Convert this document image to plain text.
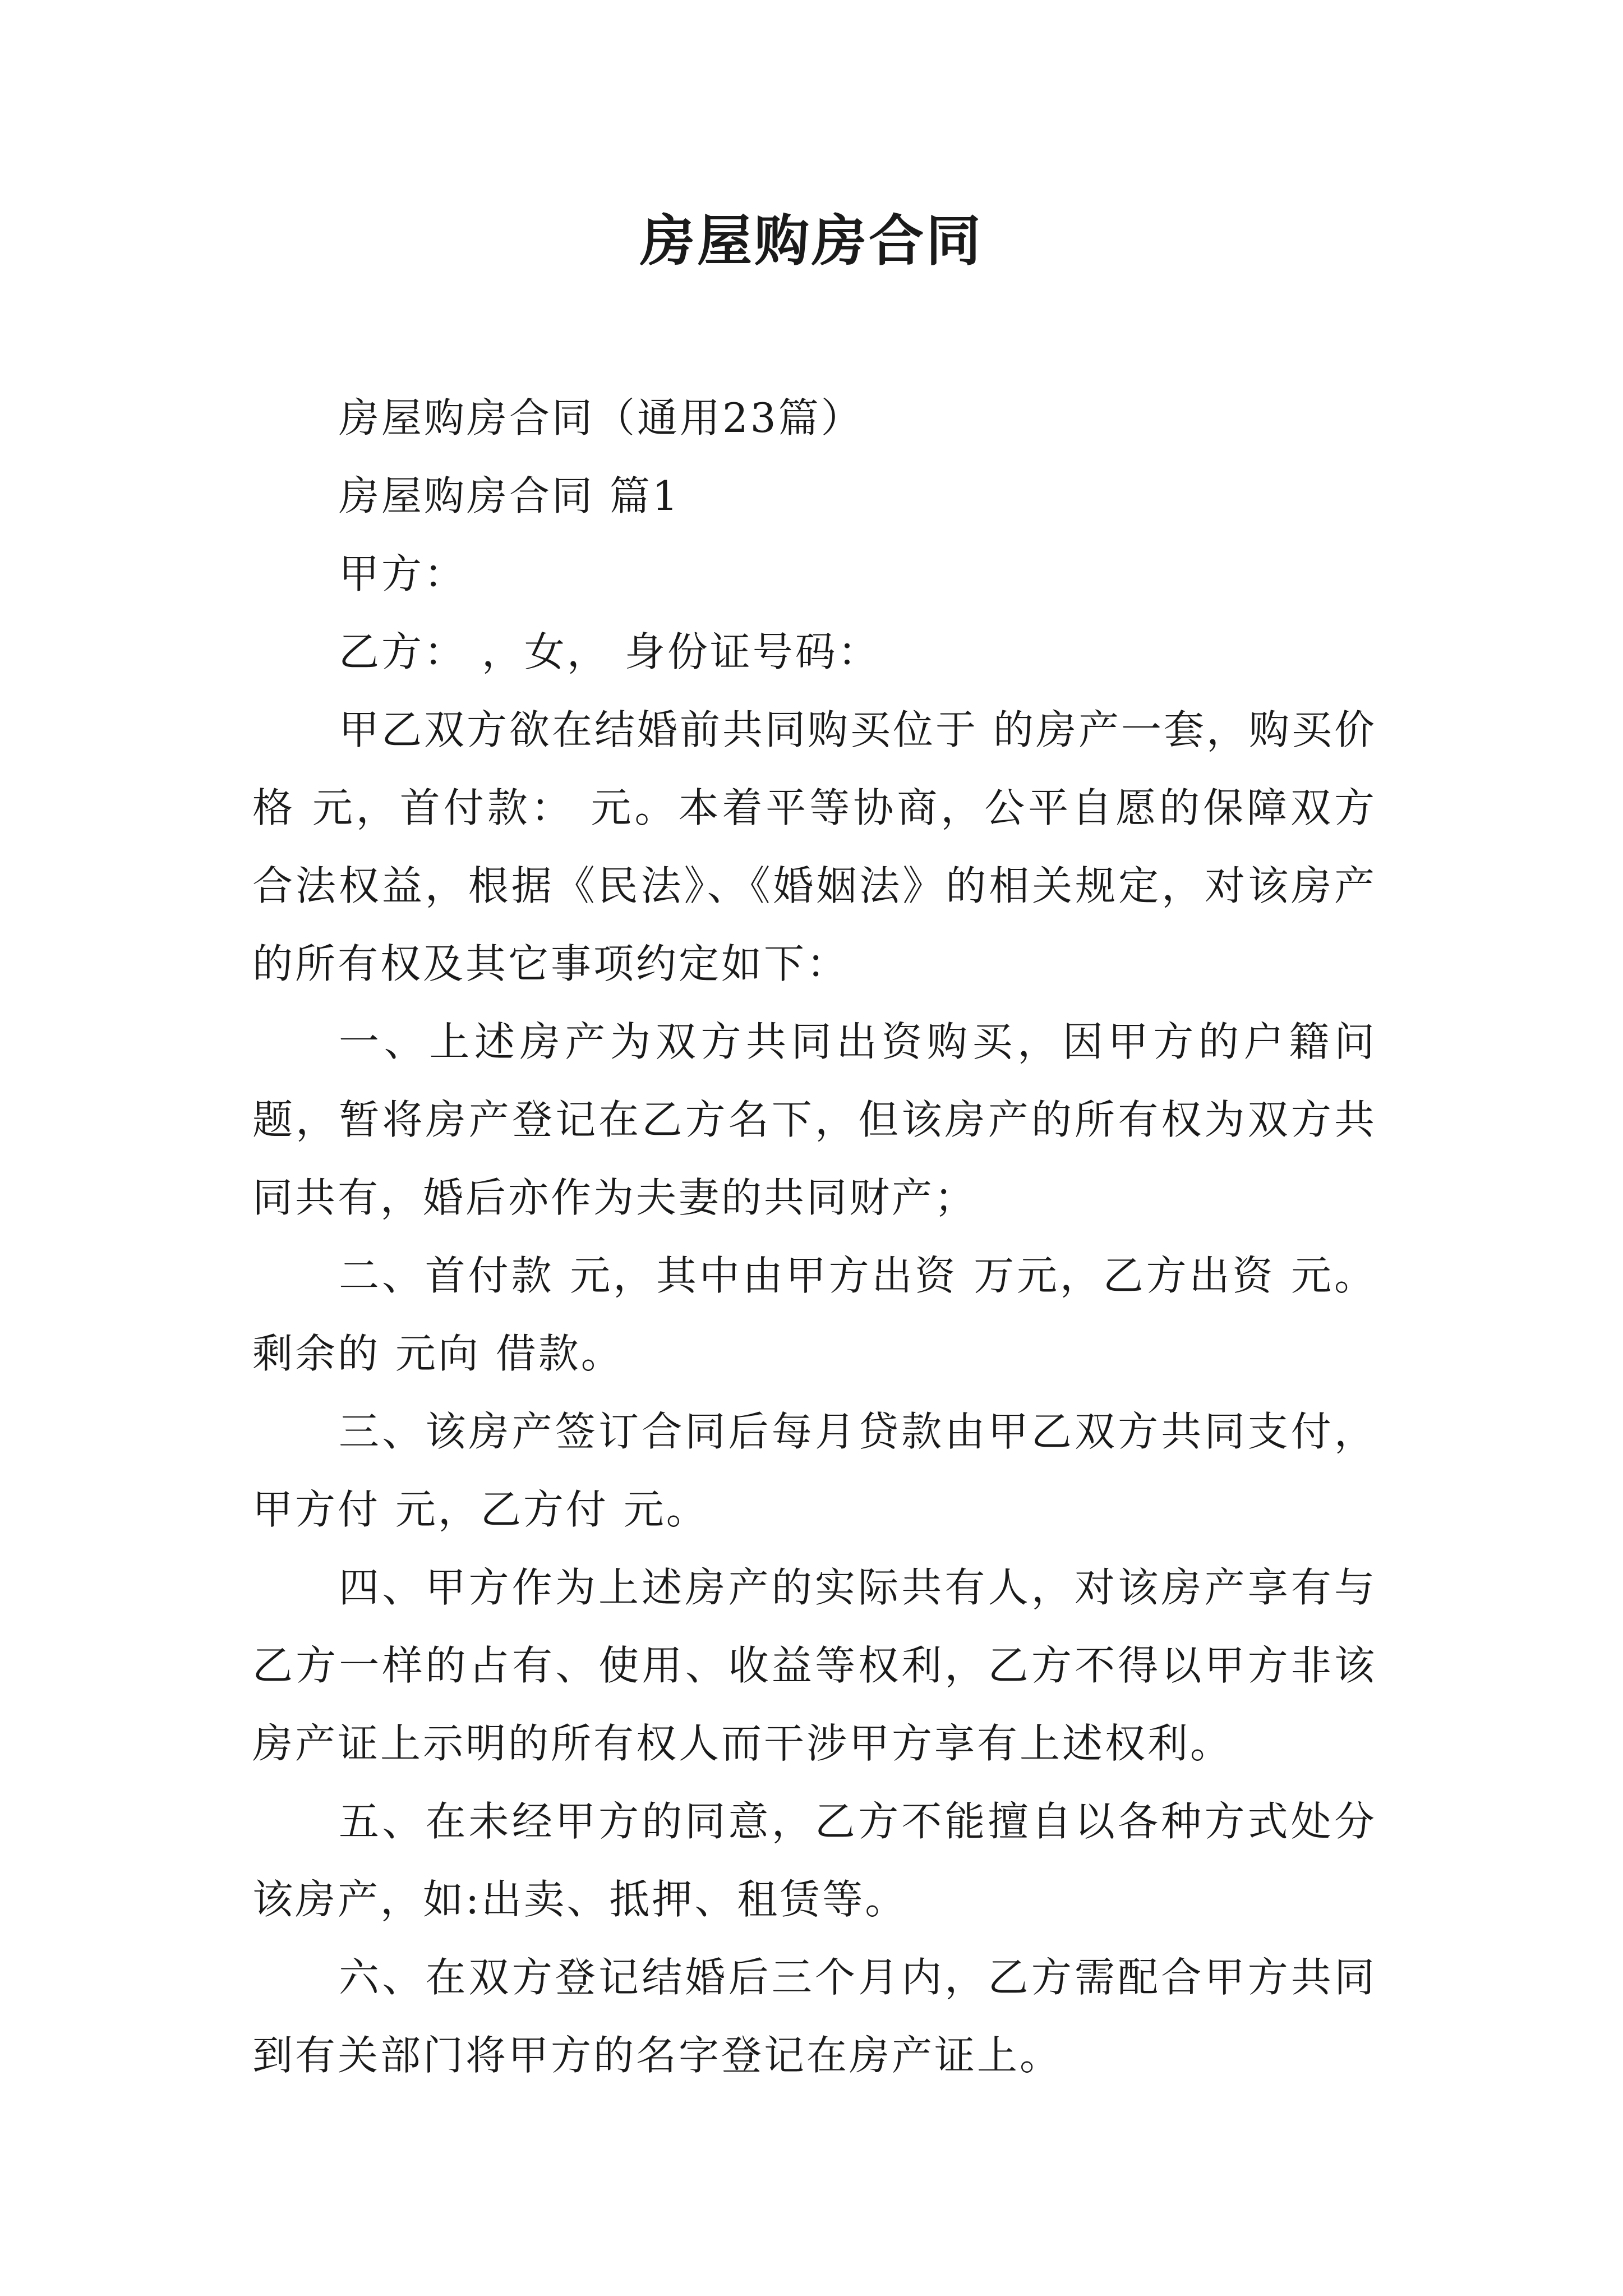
房屋购房合同

房屋购房合同（通用23篇）

房屋购房合同 篇1

甲方：

乙方： ，女， 身份证号码：

甲乙双方欲在结婚前共同购买位于 的房产一套，购买价格 元，首付款： 元。本着平等协商，公平自愿的保障双方合法权益，根据《民法》、《婚姻法》的相关规定，对该房产的所有权及其它事项约定如下：

一、上述房产为双方共同出资购买，因甲方的户籍问题，暂将房产登记在乙方名下，但该房产的所有权为双方共同共有，婚后亦作为夫妻的共同财产；

二、首付款 元，其中由甲方出资 万元，乙方出资 元。剩余的 元向 借款。

三、该房产签订合同后每月贷款由甲乙双方共同支付，甲方付 元，乙方付 元。

四、甲方作为上述房产的实际共有人，对该房产享有与乙方一样的占有、使用、收益等权利，乙方不得以甲方非该房产证上示明的所有权人而干涉甲方享有上述权利。

五、在未经甲方的同意，乙方不能擅自以各种方式处分该房产，如:出卖、抵押、租赁等。

六、在双方登记结婚后三个月内，乙方需配合甲方共同到有关部门将甲方的名字登记在房产证上。
